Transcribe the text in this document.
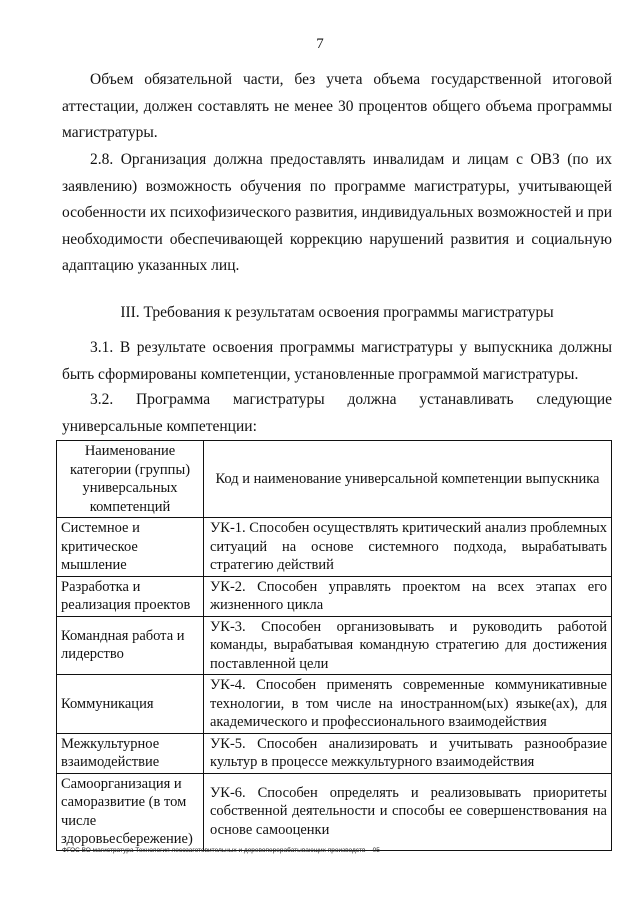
7

Объем обязательной части, без учета объема государственной итоговой аттестации, должен составлять не менее 30 процентов общего объема программы магистратуры.

2.8. Организация должна предоставлять инвалидам и лицам с ОВЗ (по их заявлению) возможность обучения по программе магистратуры, учитывающей особенности их психофизического развития, индивидуальных возможностей и при необходимости обеспечивающей коррекцию нарушений развития и социальную адаптацию указанных лиц.

III. Требования к результатам освоения программы магистратуры

3.1. В результате освоения программы магистратуры у выпускника должны быть сформированы компетенции, установленные программой магистратуры.

3.2. Программа магистратуры должна устанавливать следующие универсальные компетенции:

Наименование категории (группы) универсальных компетенций	Код и наименование универсальной компетенции выпускника
Системное и критическое мышление	УК-1. Способен осуществлять критический анализ проблемных ситуаций на основе системного подхода, вырабатывать стратегию действий
Разработка и реализация проектов	УК-2. Способен управлять проектом на всех этапах его жизненного цикла
Командная работа и лидерство	УК-3. Способен организовывать и руководить работой команды, вырабатывая командную стратегию для достижения поставленной цели
Коммуникация	УК-4. Способен применять современные коммуникативные технологии, в том числе на иностранном(ых) языке(ах), для академического и профессионального взаимодействия
Межкультурное взаимодействие	УК-5. Способен анализировать и учитывать разнообразие культур в процессе межкультурного взаимодействия
Самоорганизация и саморазвитие (в том числе здоровьесбережение)	УК-6. Способен определять и реализовывать приоритеты собственной деятельности и способы ее совершенствования на основе самооценки
ФГОС ВО магистратура Технология лесозаготовительных и деревоперерабатывающих производств – 05
